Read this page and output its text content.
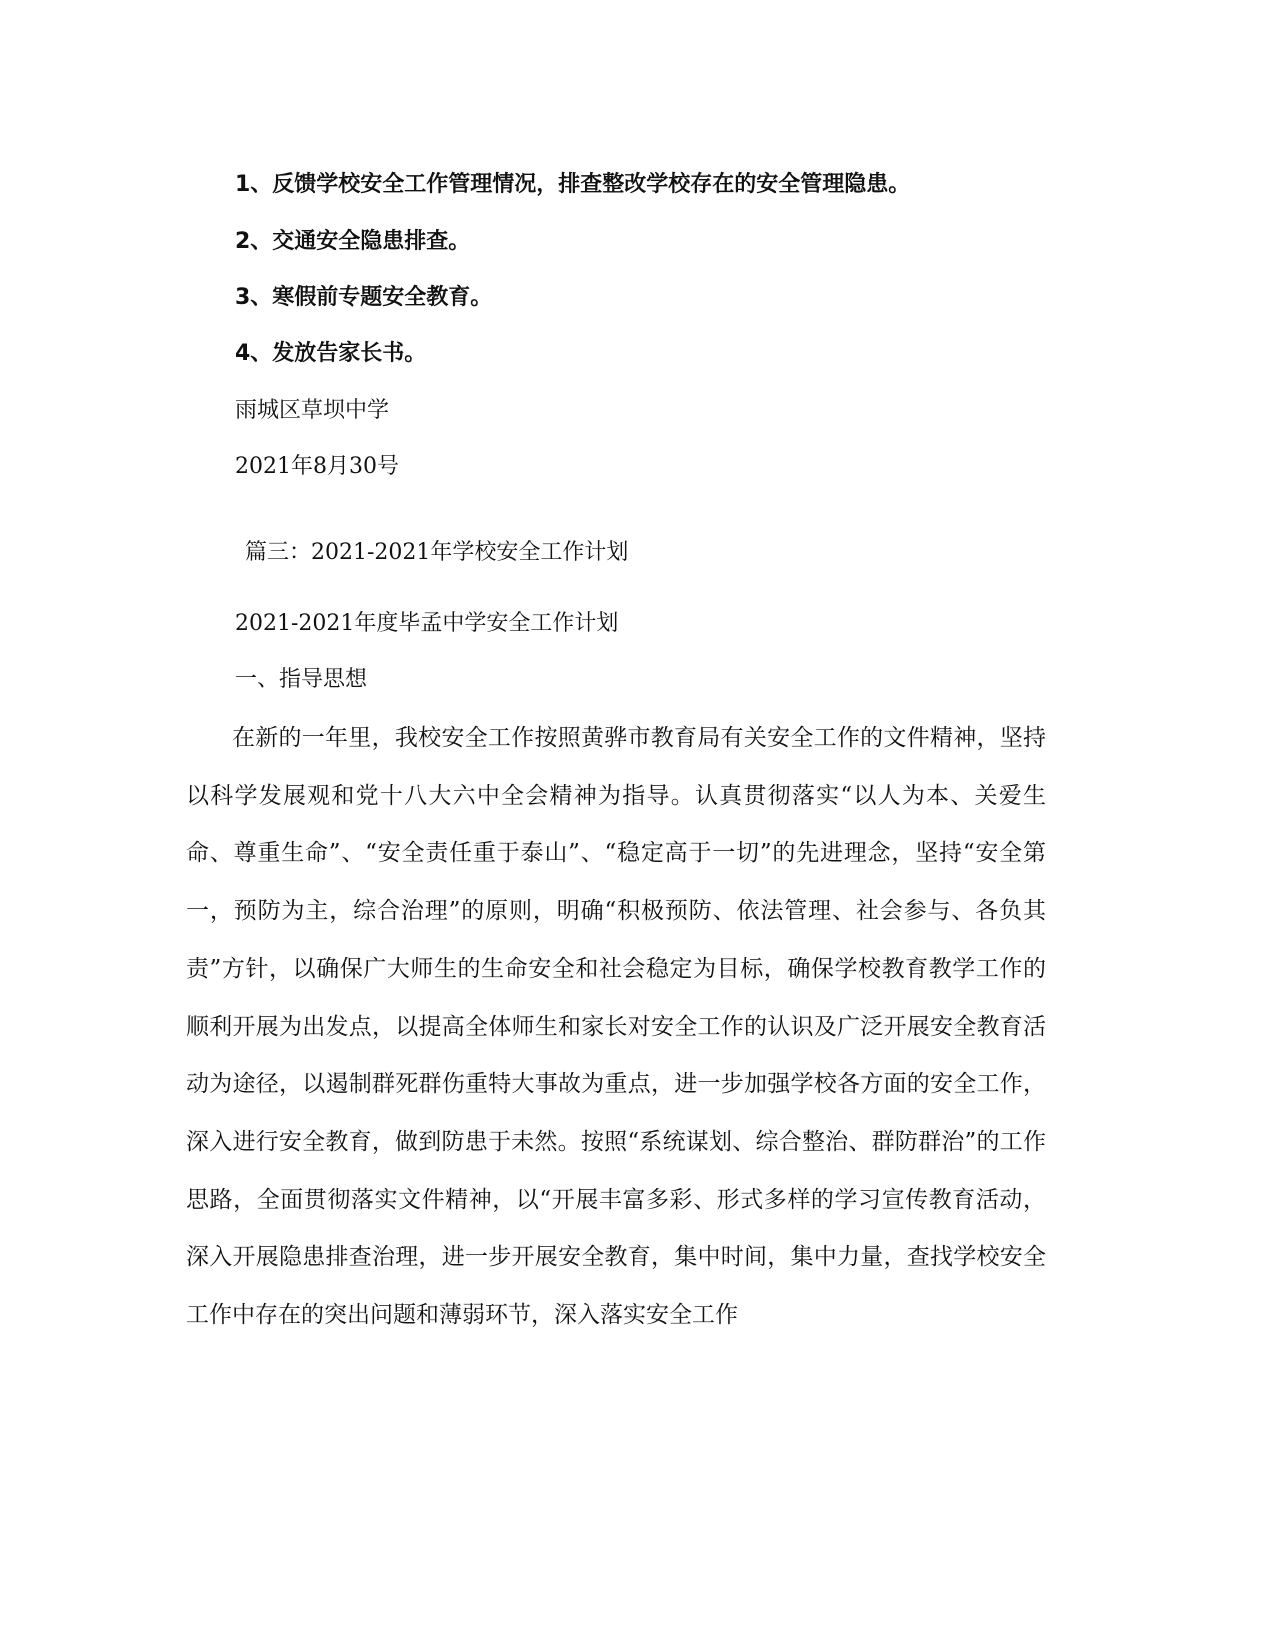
1、反馈学校安全工作管理情况，排查整改学校存在的安全管理隐患。
2、交通安全隐患排查。
3、寒假前专题安全教育。
4、发放告家长书。
雨城区草坝中学
2021年8月30号
篇三：2021-2021年学校安全工作计划
2021-2021年度毕孟中学安全工作计划
一、指导思想

在新的一年里，我校安全工作按照黄骅市教育局有关安全工作的文件精神，坚持以科学发展观和党十八大六中全会精神为指导。认真贯彻落实“以人为本、关爱生命、尊重生命”、“安全责任重于泰山”、“稳定高于一切”的先进理念，坚持“安全第一，预防为主，综合治理”的原则，明确“积极预防、依法管理、社会参与、各负其责”方针，以确保广大师生的生命安全和社会稳定为目标，确保学校教育教学工作的顺利开展为出发点，以提高全体师生和家长对安全工作的认识及广泛开展安全教育活动为途径，以遏制群死群伤重特大事故为重点，进一步加强学校各方面的安全工作，深入进行安全教育，做到防患于未然。按照“系统谋划、综合整治、群防群治”的工作思路，全面贯彻落实文件精神，以“开展丰富多彩、形式多样的学习宣传教育活动，深入开展隐患排查治理，进一步开展安全教育，集中时间，集中力量，查找学校安全工作中存在的突出问题和薄弱环节，深入落实安全工作
